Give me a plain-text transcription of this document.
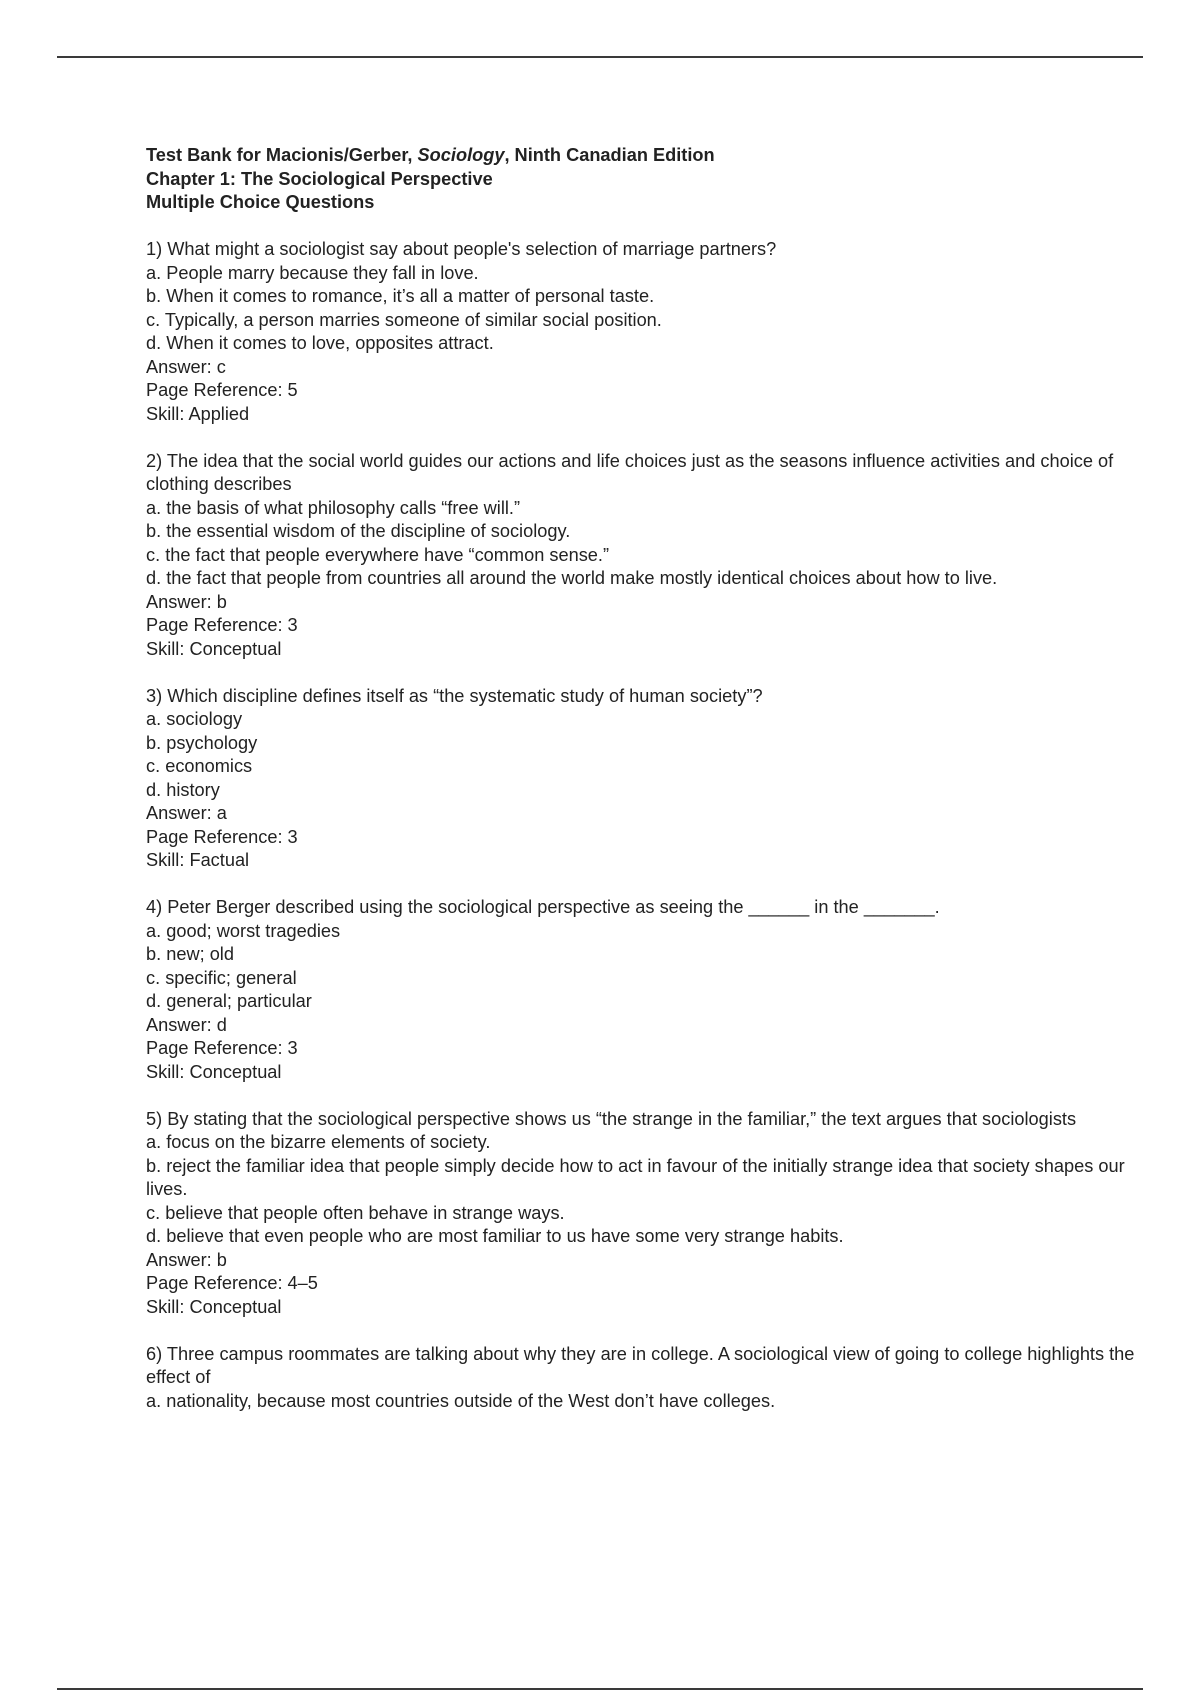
Test Bank for Macionis/Gerber, Sociology, Ninth Canadian Edition
Chapter 1: The Sociological Perspective
Multiple Choice Questions
1) What might a sociologist say about people's selection of marriage partners?
a. People marry because they fall in love.
b. When it comes to romance, it’s all a matter of personal taste.
c. Typically, a person marries someone of similar social position.
d. When it comes to love, opposites attract.
Answer: c
Page Reference: 5
Skill: Applied
2) The idea that the social world guides our actions and life choices just as the seasons influence activities and choice of clothing describes
a. the basis of what philosophy calls “free will.”
b. the essential wisdom of the discipline of sociology.
c. the fact that people everywhere have “common sense.”
d. the fact that people from countries all around the world make mostly identical choices about how to live.
Answer: b
Page Reference: 3
Skill: Conceptual
3) Which discipline defines itself as “the systematic study of human society”?
a. sociology
b. psychology
c. economics
d. history
Answer: a
Page Reference: 3
Skill: Factual
4) Peter Berger described using the sociological perspective as seeing the ______ in the _______.
a. good; worst tragedies
b. new; old
c. specific; general
d. general; particular
Answer: d
Page Reference: 3
Skill: Conceptual
5) By stating that the sociological perspective shows us “the strange in the familiar,” the text argues that sociologists
a. focus on the bizarre elements of society.
b. reject the familiar idea that people simply decide how to act in favour of the initially strange idea that society shapes our lives.
c. believe that people often behave in strange ways.
d. believe that even people who are most familiar to us have some very strange habits.
Answer: b
Page Reference: 4–5
Skill: Conceptual
6) Three campus roommates are talking about why they are in college. A sociological view of going to college highlights the effect of
a. nationality, because most countries outside of the West don’t have colleges.
